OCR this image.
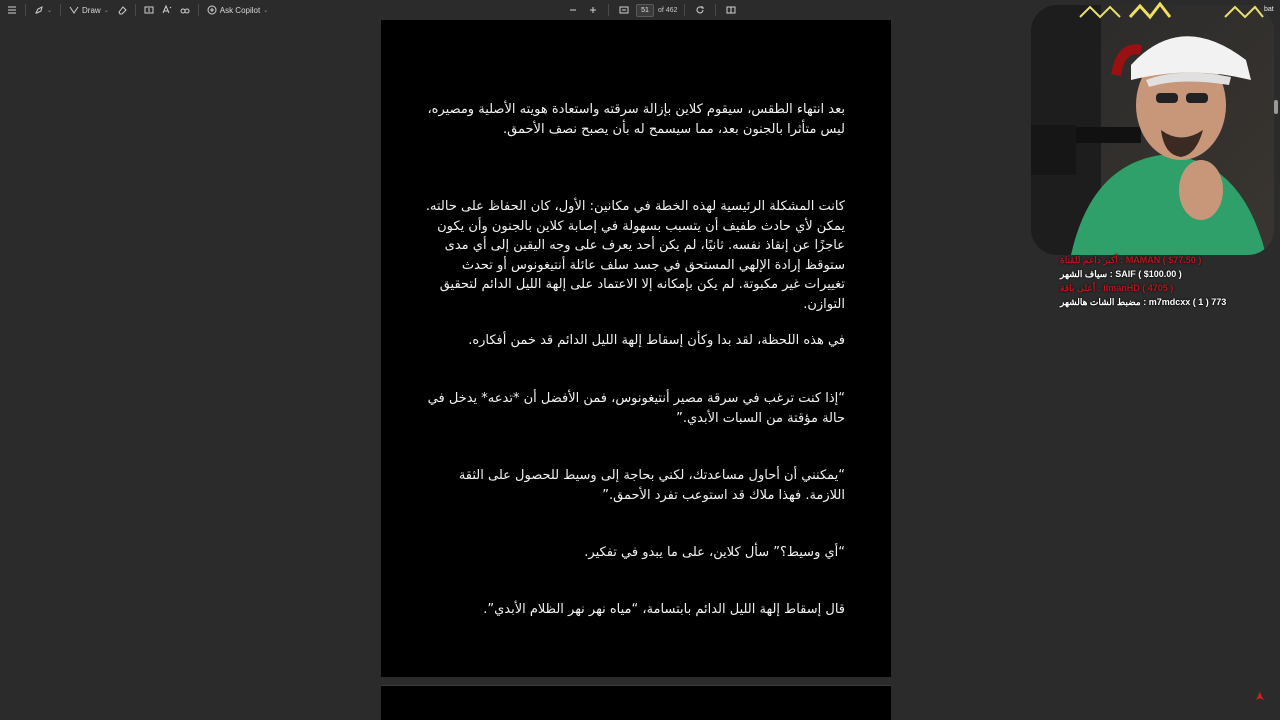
⌄	Draw ⌄	Ask Copilot ⌄
51	of 462

بعد انتهاء الطقس، سيقوم كلاين بإزالة سرقته واستعادة هويته الأصلية ومصيره، ليس متأثرا بالجنون بعد، مما سيسمح له بأن يصبح نصف الأحمق.

كانت المشكلة الرئيسية لهذه الخطة في مكانين: الأول، كان الحفاظ على حالته. يمكن لأي حادث طفيف أن يتسبب بسهولة في إصابة كلاين بالجنون وأن يكون عاجزًا عن إنقاذ نفسه. ثانيًا، لم يكن أحد يعرف على وجه اليقين إلى أي مدى ستوقظ إرادة الإلهي المستحق في جسد سلف عائلة أنتيغونوس أو تحدث تغييرات غير مكبوتة. لم يكن بإمكانه إلا الاعتماد على إلهة الليل الدائم لتحقيق التوازن.

في هذه اللحظة، لقد بدا وكأن إسقاط إلهة الليل الدائم قد خمن أفكاره.

“إذا كنت ترغب في سرقة مصير أنتيغونوس، فمن الأفضل أن *تدعه* يدخل في حالة مؤقتة من السبات الأبدي.”

“يمكنني أن أحاول مساعدتك، لكني بحاجة إلى وسيط للحصول على الثقة اللازمة. فهذا ملاك قد استوعب تفرد الأحمق.”

“أي وسيط؟” سأل كلاين، على ما يبدو في تفكير.

قال إسقاط إلهة الليل الدائم بابتسامة، “مياه نهر نهر الظلام الأبدي”.

bat
أكبر داعم للقناة : MAMAN ( $77.50 )
سياف الشهر : SAIF ( $100.00 )
أعلى باقة : ilmanHD ( 4705 )
مضبط الشات هالشهر : m7mdcxx ( 1 ) 773
